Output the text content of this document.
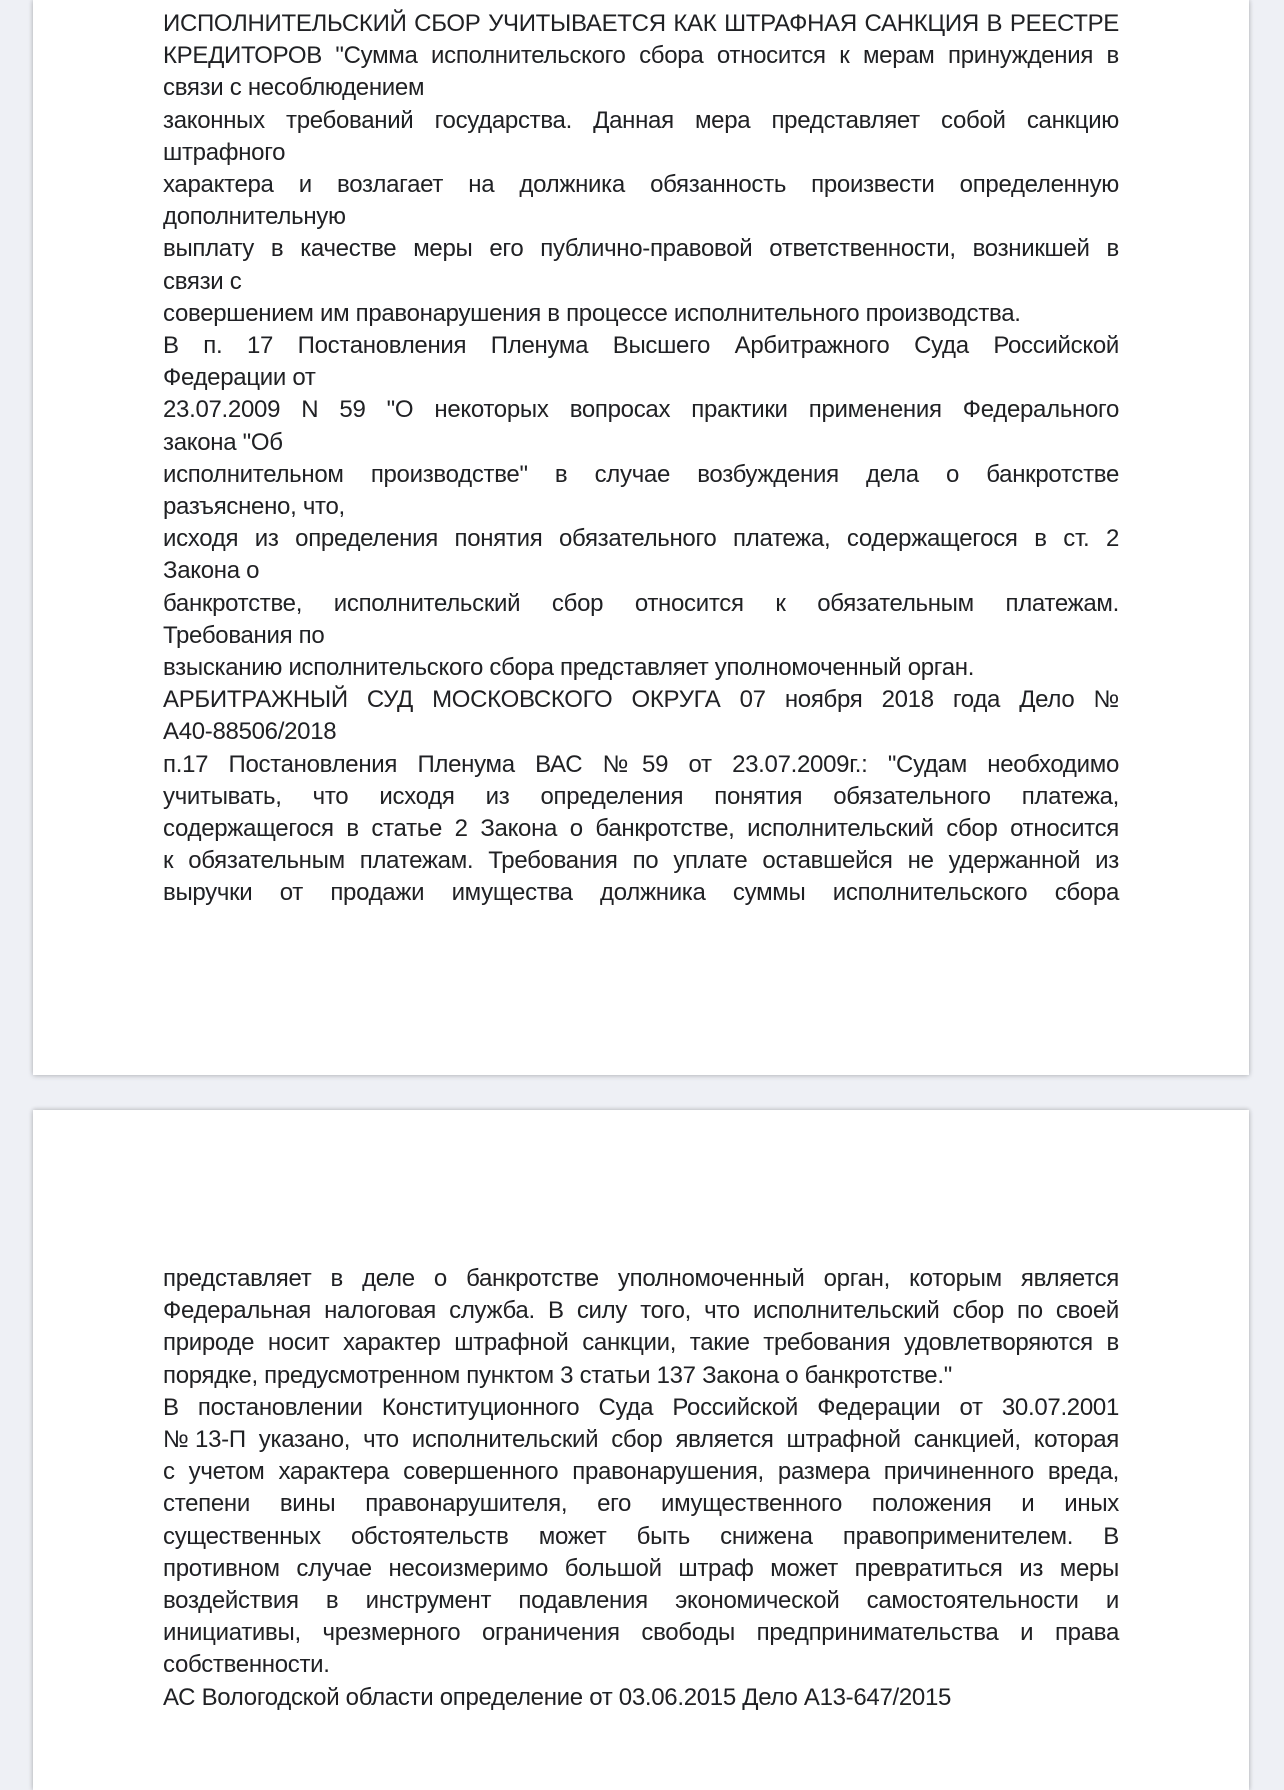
ИСПОЛНИТЕЛЬСКИЙ СБОР УЧИТЫВАЕТСЯ КАК ШТРАФНАЯ САНКЦИЯ В РЕЕСТРЕ
КРЕДИТОРОВ "Сумма исполнительского сбора относится к мерам принуждения в
связи с несоблюдением
законных требований государства. Данная мера представляет собой санкцию
штрафного
характера и возлагает на должника обязанность произвести определенную
дополнительную
выплату в качестве меры его публично-правовой ответственности, возникшей в
связи с
совершением им правонарушения в процессе исполнительного производства.
В п. 17 Постановления Пленума Высшего Арбитражного Суда Российской
Федерации от
23.07.2009 N 59 "О некоторых вопросах практики применения Федерального
закона "Об
исполнительном производстве" в случае возбуждения дела о банкротстве
разъяснено, что,
исходя из определения понятия обязательного платежа, содержащегося в ст. 2
Закона о
банкротстве, исполнительский сбор относится к обязательным платежам.
Требования по
взысканию исполнительского сбора представляет уполномоченный орган.
АРБИТРАЖНЫЙ СУД МОСКОВСКОГО ОКРУГА 07 ноября 2018 года Дело №
А40-88506/2018
п.17 Постановления Пленума ВАС №59 от 23.07.2009г.: "Судам необходимо
учитывать, что исходя из определения понятия обязательного платежа,
содержащегося в статье 2 Закона о банкротстве, исполнительский сбор относится
к обязательным платежам. Требования по уплате оставшейся не удержанной из
выручки от продажи имущества должника суммы исполнительского сбора
представляет в деле о банкротстве уполномоченный орган, которым является
Федеральная налоговая служба. В силу того, что исполнительский сбор по своей
природе носит характер штрафной санкции, такие требования удовлетворяются в
порядке, предусмотренном пунктом 3 статьи 137 Закона о банкротстве."
В постановлении Конституционного Суда Российской Федерации от 30.07.2001
№13-П указано, что исполнительский сбор является штрафной санкцией, которая
с учетом характера совершенного правонарушения, размера причиненного вреда,
степени вины правонарушителя, его имущественного положения и иных
существенных обстоятельств может быть снижена правоприменителем. В
противном случае несоизмеримо большой штраф может превратиться из меры
воздействия в инструмент подавления экономической самостоятельности и
инициативы, чрезмерного ограничения свободы предпринимательства и права
собственности.
АС Вологодской области определение от 03.06.2015 Дело А13-647/2015
